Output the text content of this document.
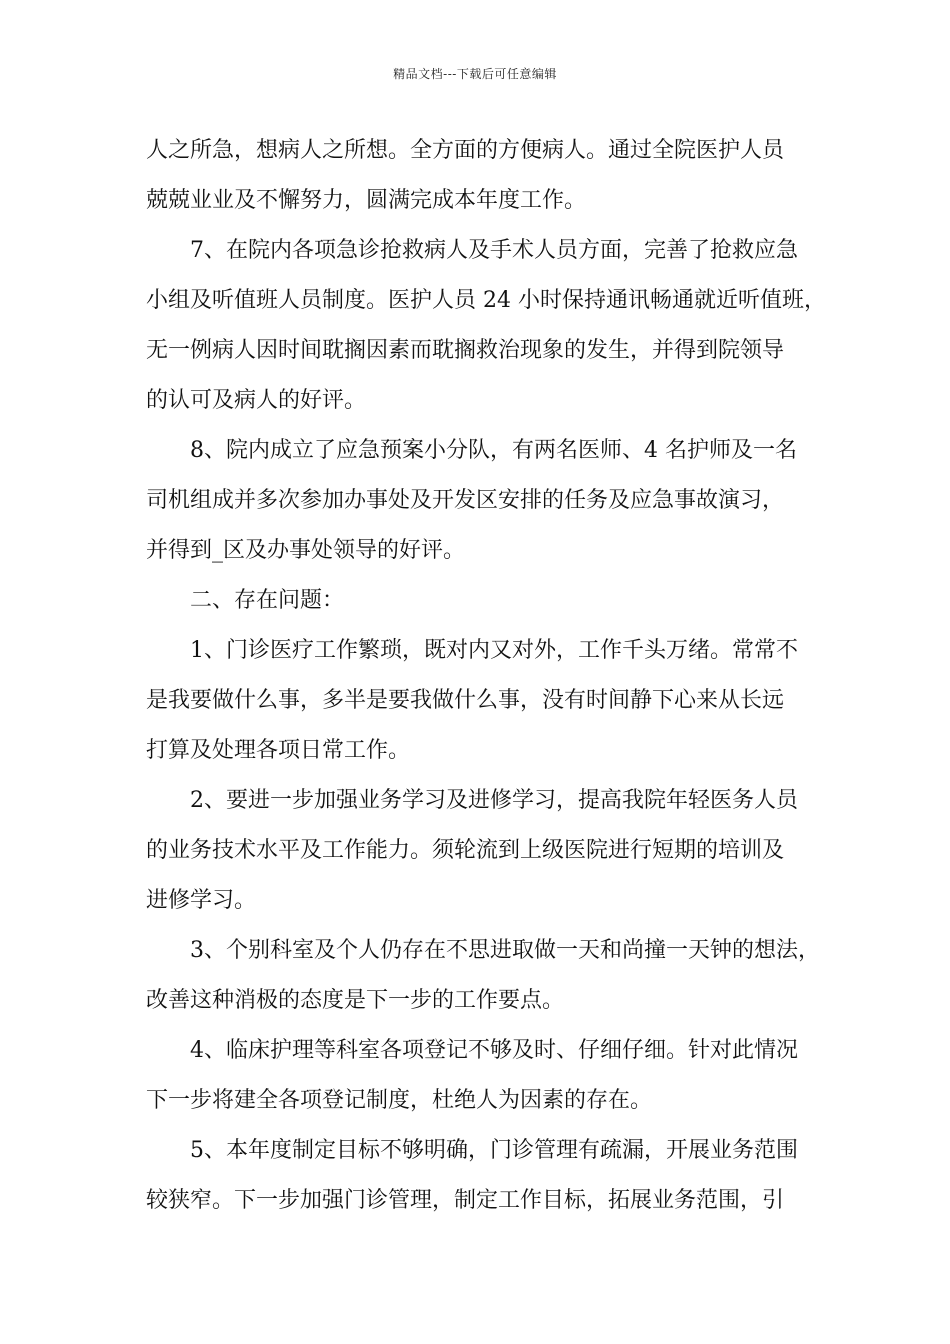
精品文档---下载后可任意编辑
人之所急，想病人之所想。全方面的方便病人。通过全院医护人员
兢兢业业及不懈努力，圆满完成本年度工作。
7、在院内各项急诊抢救病人及手术人员方面，完善了抢救应急
小组及听值班人员制度。医护人员 24 小时保持通讯畅通就近听值班，
无一例病人因时间耽搁因素而耽搁救治现象的发生，并得到院领导
的认可及病人的好评。
8、院内成立了应急预案小分队，有两名医师、4 名护师及一名
司机组成并多次参加办事处及开发区安排的任务及应急事故演习，
并得到_区及办事处领导的好评。
二、存在问题：
1、门诊医疗工作繁琐，既对内又对外，工作千头万绪。常常不
是我要做什么事，多半是要我做什么事，没有时间静下心来从长远
打算及处理各项日常工作。
2、要进一步加强业务学习及进修学习，提高我院年轻医务人员
的业务技术水平及工作能力。须轮流到上级医院进行短期的培训及
进修学习。
3、个别科室及个人仍存在不思进取做一天和尚撞一天钟的想法，
改善这种消极的态度是下一步的工作要点。
4、临床护理等科室各项登记不够及时、仔细仔细。针对此情况
下一步将建全各项登记制度，杜绝人为因素的存在。
5、本年度制定目标不够明确，门诊管理有疏漏，开展业务范围
较狭窄。下一步加强门诊管理，制定工作目标，拓展业务范围，引
